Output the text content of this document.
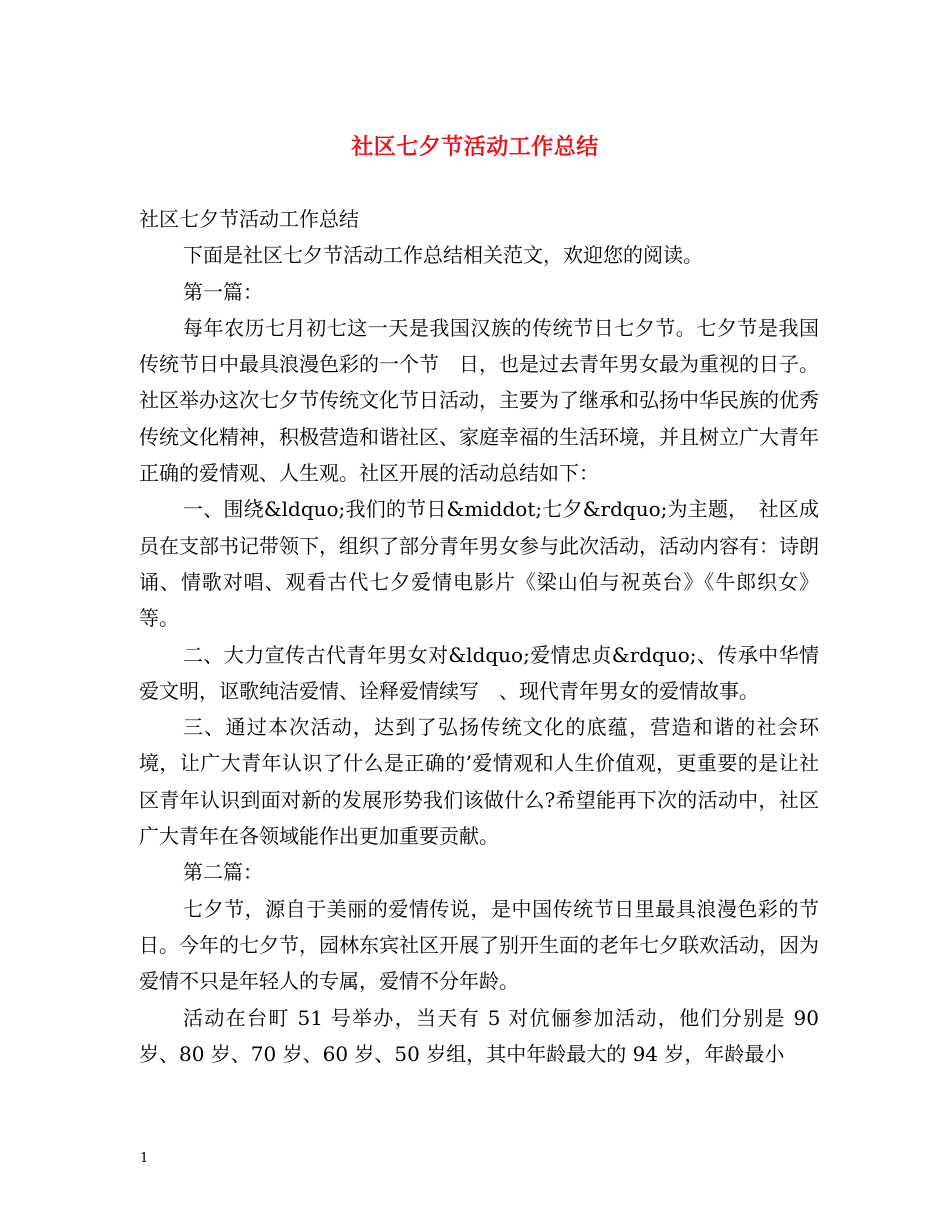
社区七夕节活动工作总结

社区七夕节活动工作总结

下面是社区七夕节活动工作总结相关范文，欢迎您的阅读。

第一篇：

每年农历七月初七这一天是我国汉族的传统节日七夕节。七夕节是我国传统节日中最具浪漫色彩的一个节　日，也是过去青年男女最为重视的日子。社区举办这次七夕节传统文化节日活动，主要为了继承和弘扬中华民族的优秀传统文化精神，积极营造和谐社区、家庭幸福的生活环境，并且树立广大青年正确的爱情观、人生观。社区开展的活动总结如下：

一、围绕&ldquo;我们的节日&middot;七夕&rdquo;为主题，　社区成员在支部书记带领下，组织了部分青年男女参与此次活动，活动内容有：诗朗诵、情歌对唱、观看古代七夕爱情电影片《梁山伯与祝英台》《牛郎织女》等。

二、大力宣传古代青年男女对&ldquo;爱情忠贞&rdquo;、传承中华情爱文明，讴歌纯洁爱情、诠释爱情续写　、现代青年男女的爱情故事。

三、通过本次活动，达到了弘扬传统文化的底蕴，营造和谐的社会环境，让广大青年认识了什么是正确的’爱情观和人生价值观，更重要的是让社区青年认识到面对新的发展形势我们该做什么?希望能再下次的活动中，社区广大青年在各领域能作出更加重要贡献。

第二篇：

七夕节，源自于美丽的爱情传说，是中国传统节日里最具浪漫色彩的节日。今年的七夕节，园林东宾社区开展了别开生面的老年七夕联欢活动，因为爱情不只是年轻人的专属，爱情不分年龄。

活动在台町 51 号举办，当天有 5 对伉俪参加活动，他们分别是 90 岁、80 岁、70 岁、60 岁、50 岁组，其中年龄最大的 94 岁，年龄最小

1
